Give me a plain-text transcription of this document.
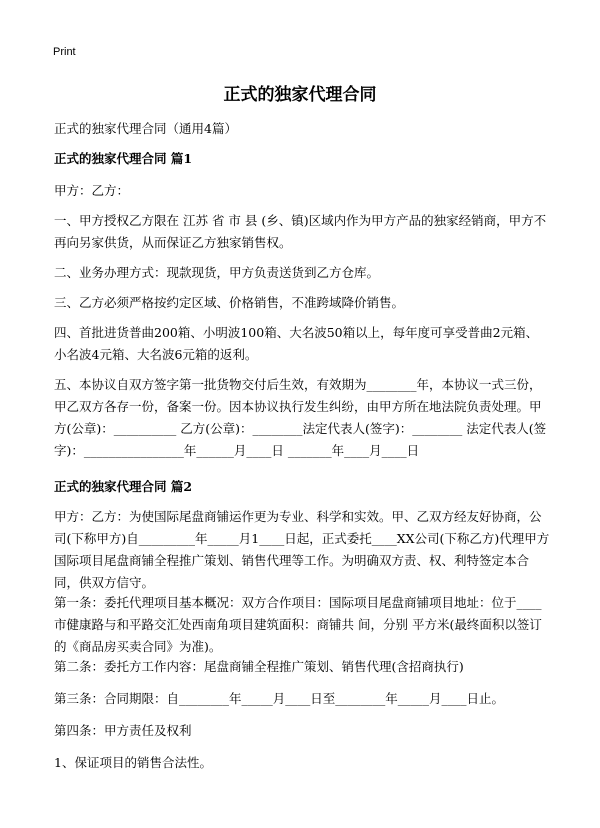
Print
正式的独家代理合同

正式的独家代理合同（通用4篇）

正式的独家代理合同 篇1

甲方：乙方：

一、甲方授权乙方限在 江苏 省 市 县 (乡、镇)区域内作为甲方产品的独家经销商，甲方不再向另家供货，从而保证乙方独家销售权。

二、业务办理方式：现款现货，甲方负责送货到乙方仓库。

三、乙方必须严格按约定区域、价格销售，不准跨域降价销售。

四、首批进货普曲200箱、小明波100箱、大名波50箱以上，每年度可享受普曲2元箱、小名波4元箱、大名波6元箱的返利。

五、本协议自双方签字第一批货物交付后生效，有效期为________年，本协议一式三份，甲乙双方各存一份，备案一份。因本协议执行发生纠纷，由甲方所在地法院负责处理。甲方(公章)：__________ 乙方(公章)：________法定代表人(签字)：________ 法定代表人(签字)：________________年______月____日 _______年____月____日

正式的独家代理合同 篇2

甲方：乙方：为使国际尾盘商铺运作更为专业、科学和实效。甲、乙双方经友好协商，公司(下称甲方)自_________年_____月1____日起，正式委托____XX公司(下称乙方)代理甲方国际项目尾盘商铺全程推广策划、销售代理等工作。为明确双方责、权、利特签定本合同，供双方信守。

第一条：委托代理项目基本概况：双方合作项目：国际项目尾盘商铺项目地址：位于____市健康路与和平路交汇处西南角项目建筑面积：商铺共 间，分别 平方米(最终面积以签订的《商品房买卖合同》为准)。

第二条：委托方工作内容：尾盘商铺全程推广策划、销售代理(含招商执行)

第三条：合同期限：自________年_____月____日至________年_____月____日止。

第四条：甲方责任及权利

1、保证项目的销售合法性。
